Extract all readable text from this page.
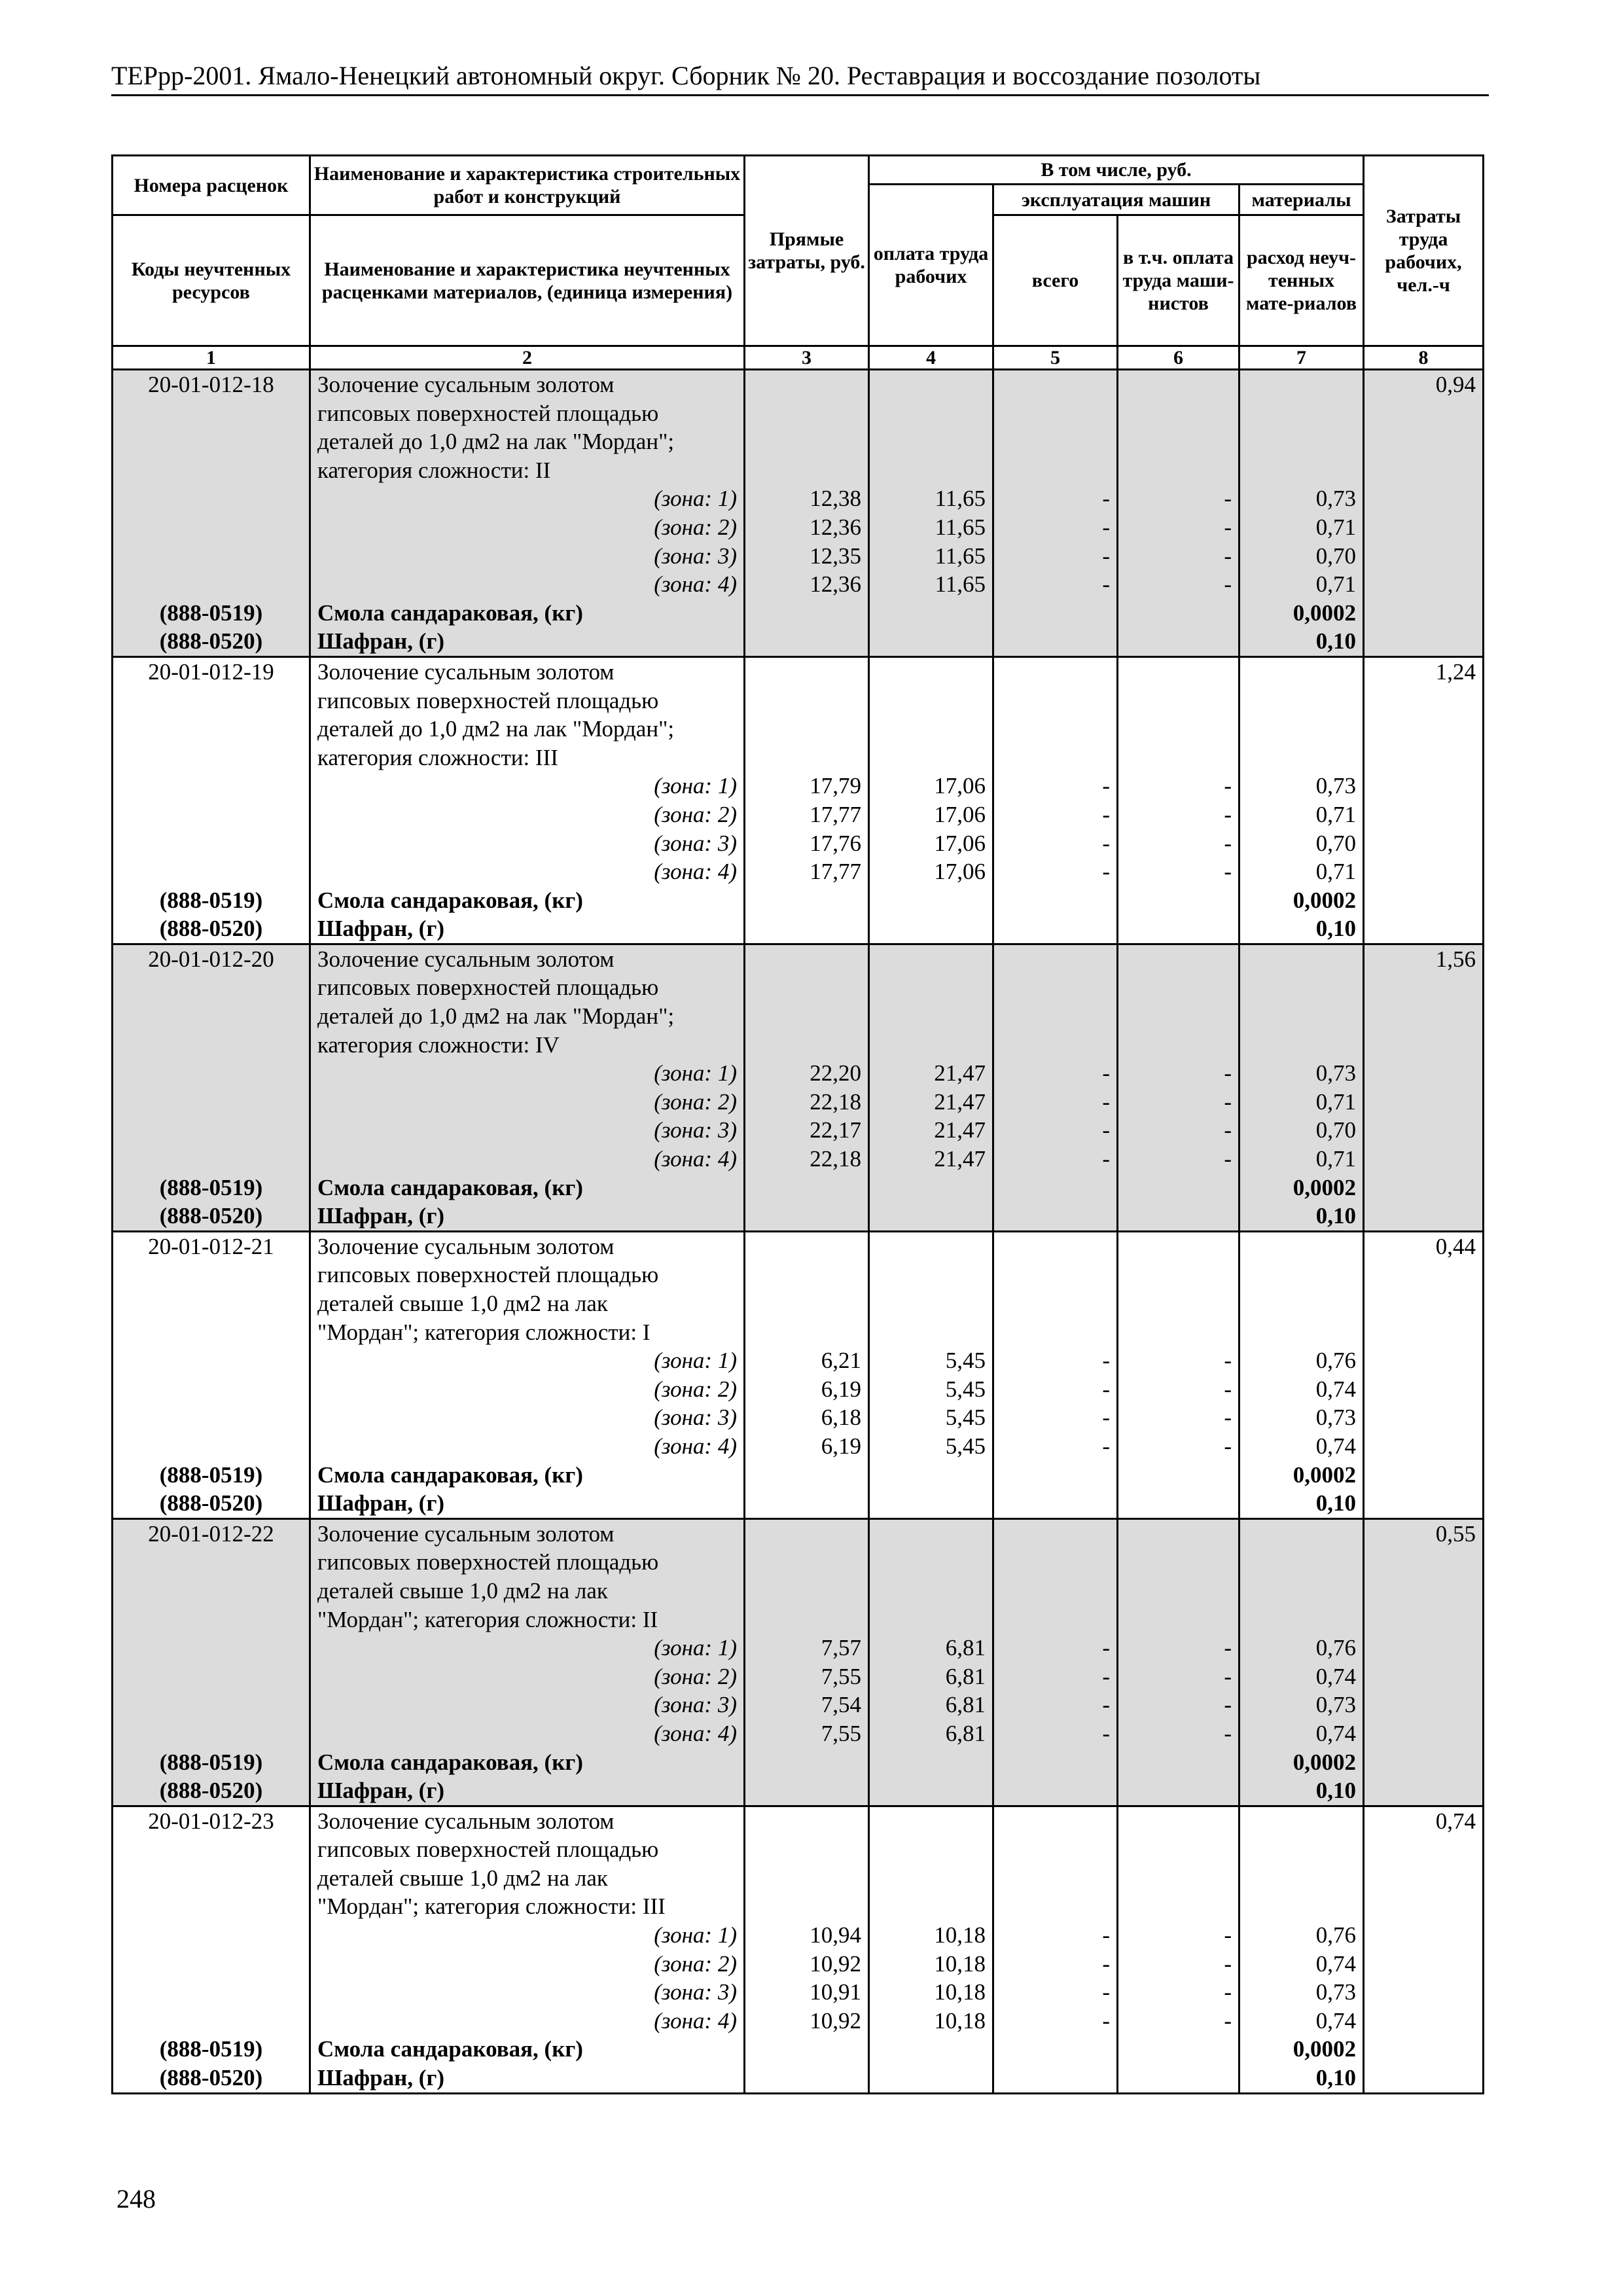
ТЕРрр-2001. Ямало-Ненецкий автономный округ. Сборник № 20. Реставрация и воссоздание позолоты
Номера расценок	Наименование и характеристика строительных работ и конструкций	Прямые затраты, руб.	В том числе, руб.				Затраты труда рабочих, чел.-ч
			оплата труда рабочих	эксплуатация машин		материалы	
Коды неучтенных ресурсов	Наименование и характеристика неучтенных расценками материалов, (единица измерения)			всего	в т.ч. оплата труда маши-нистов	расход неуч-тенных мате-риалов	
1	2	3	4	5	6	7	8
20-01-012-18	Золочение сусальным золотом						0,94
	гипсовых поверхностей площадью						
	деталей до 1,0 дм2 на лак "Мордан";						
	категория сложности: II						
	(зона: 1)	12,38	11,65	-	-	0,73	
	(зона: 2)	12,36	11,65	-	-	0,71	
	(зона: 3)	12,35	11,65	-	-	0,70	
	(зона: 4)	12,36	11,65	-	-	0,71	
(888-0519)	Смола сандараковая, (кг)					0,0002	
(888-0520)	Шафран, (г)					0,10	
20-01-012-19	Золочение сусальным золотом						1,24
	гипсовых поверхностей площадью						
	деталей до 1,0 дм2 на лак "Мордан";						
	категория сложности: III						
	(зона: 1)	17,79	17,06	-	-	0,73	
	(зона: 2)	17,77	17,06	-	-	0,71	
	(зона: 3)	17,76	17,06	-	-	0,70	
	(зона: 4)	17,77	17,06	-	-	0,71	
(888-0519)	Смола сандараковая, (кг)					0,0002	
(888-0520)	Шафран, (г)					0,10	
20-01-012-20	Золочение сусальным золотом						1,56
	гипсовых поверхностей площадью						
	деталей до 1,0 дм2 на лак "Мордан";						
	категория сложности: IV						
	(зона: 1)	22,20	21,47	-	-	0,73	
	(зона: 2)	22,18	21,47	-	-	0,71	
	(зона: 3)	22,17	21,47	-	-	0,70	
	(зона: 4)	22,18	21,47	-	-	0,71	
(888-0519)	Смола сандараковая, (кг)					0,0002	
(888-0520)	Шафран, (г)					0,10	
20-01-012-21	Золочение сусальным золотом						0,44
	гипсовых поверхностей площадью						
	деталей свыше 1,0 дм2 на лак						
	"Мордан"; категория сложности: I						
	(зона: 1)	6,21	5,45	-	-	0,76	
	(зона: 2)	6,19	5,45	-	-	0,74	
	(зона: 3)	6,18	5,45	-	-	0,73	
	(зона: 4)	6,19	5,45	-	-	0,74	
(888-0519)	Смола сандараковая, (кг)					0,0002	
(888-0520)	Шафран, (г)					0,10	
20-01-012-22	Золочение сусальным золотом						0,55
	гипсовых поверхностей площадью						
	деталей свыше 1,0 дм2 на лак						
	"Мордан"; категория сложности: II						
	(зона: 1)	7,57	6,81	-	-	0,76	
	(зона: 2)	7,55	6,81	-	-	0,74	
	(зона: 3)	7,54	6,81	-	-	0,73	
	(зона: 4)	7,55	6,81	-	-	0,74	
(888-0519)	Смола сандараковая, (кг)					0,0002	
(888-0520)	Шафран, (г)					0,10	
20-01-012-23	Золочение сусальным золотом						0,74
	гипсовых поверхностей площадью						
	деталей свыше 1,0 дм2 на лак						
	"Мордан"; категория сложности: III						
	(зона: 1)	10,94	10,18	-	-	0,76	
	(зона: 2)	10,92	10,18	-	-	0,74	
	(зона: 3)	10,91	10,18	-	-	0,73	
	(зона: 4)	10,92	10,18	-	-	0,74	
(888-0519)	Смола сандараковая, (кг)					0,0002	
(888-0520)	Шафран, (г)					0,10	
248
